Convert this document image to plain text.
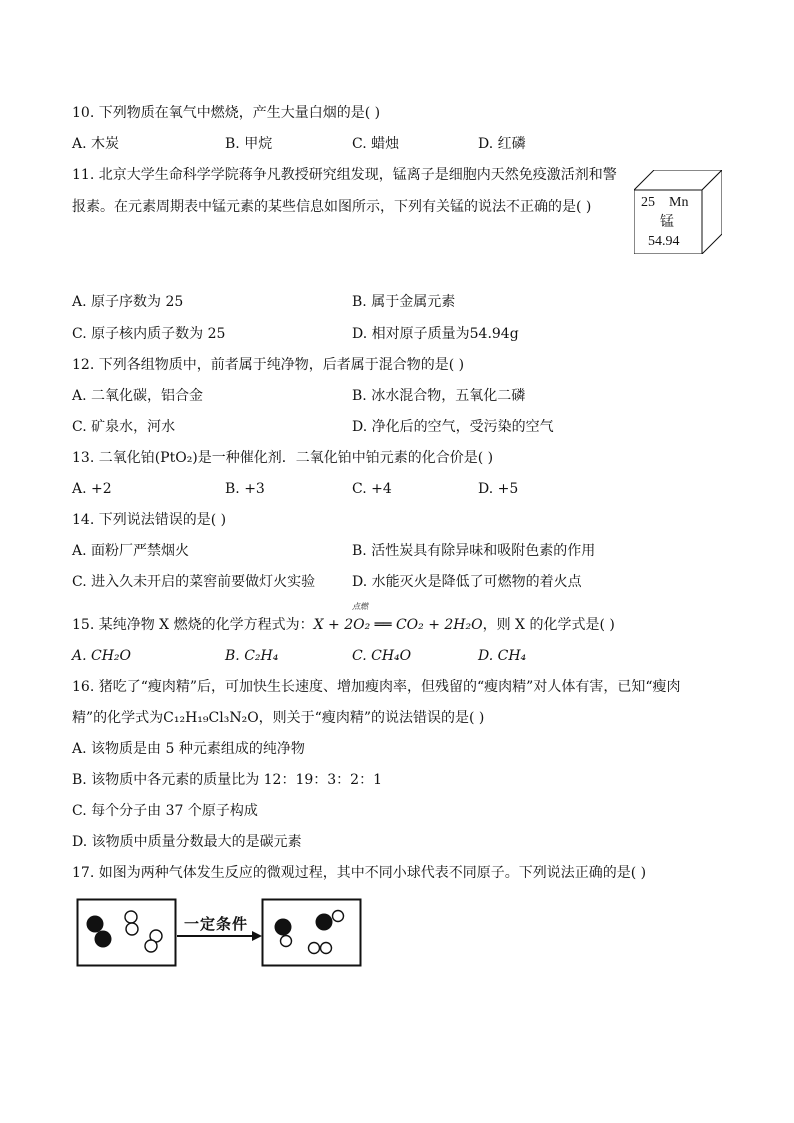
10. 下列物质在氧气中燃烧，产生大量白烟的是( )
A. 木炭	B. 甲烷	C. 蜡烛	D. 红磷
11. 北京大学生命科学学院蒋争凡教授研究组发现，锰离子是细胞内天然免疫激活剂和警
报素。在元素周期表中锰元素的某些信息如图所示，下列有关锰的说法不正确的是( )	25 Mn
锰
54.94
A. 原子序数为 25	B. 属于金属元素
C. 原子核内质子数为 25	D. 相对原子质量为54.94g
12. 下列各组物质中，前者属于纯净物，后者属于混合物的是( )
A. 二氧化碳，铝合金	B. 冰水混合物，五氧化二磷
C. 矿泉水，河水	D. 净化后的空气，受污染的空气
13. 二氧化铂(PtO₂)是一种催化剂．二氧化铂中铂元素的化合价是( )
A. +2	B. +3	C. +4	D. +5
14. 下列说法错误的是( )
A. 面粉厂严禁烟火	B. 活性炭具有除异味和吸附色素的作用
C. 进入久未开启的菜窖前要做灯火实验	D. 水能灭火是降低了可燃物的着火点
15. 某纯净物 X 燃烧的化学方程式为：X + 2O₂ ══ CO₂ + 2H₂O，则 X 的化学式是( )
点燃
A. CH₂O	B. C₂H₄	C. CH₄O	D. CH₄
16. 猪吃了“瘦肉精”后，可加快生长速度、增加瘦肉率，但残留的“瘦肉精”对人体有害，已知“瘦肉
精”的化学式为C₁₂H₁₉Cl₃N₂O，则关于“瘦肉精”的说法错误的是( )
A. 该物质是由 5 种元素组成的纯净物
B. 该物质中各元素的质量比为 12：19：3：2：1
C. 每个分子由 37 个原子构成
D. 该物质中质量分数最大的是碳元素
17. 如图为两种气体发生反应的微观过程，其中不同小球代表不同原子。下列说法正确的是( )
一定条件
